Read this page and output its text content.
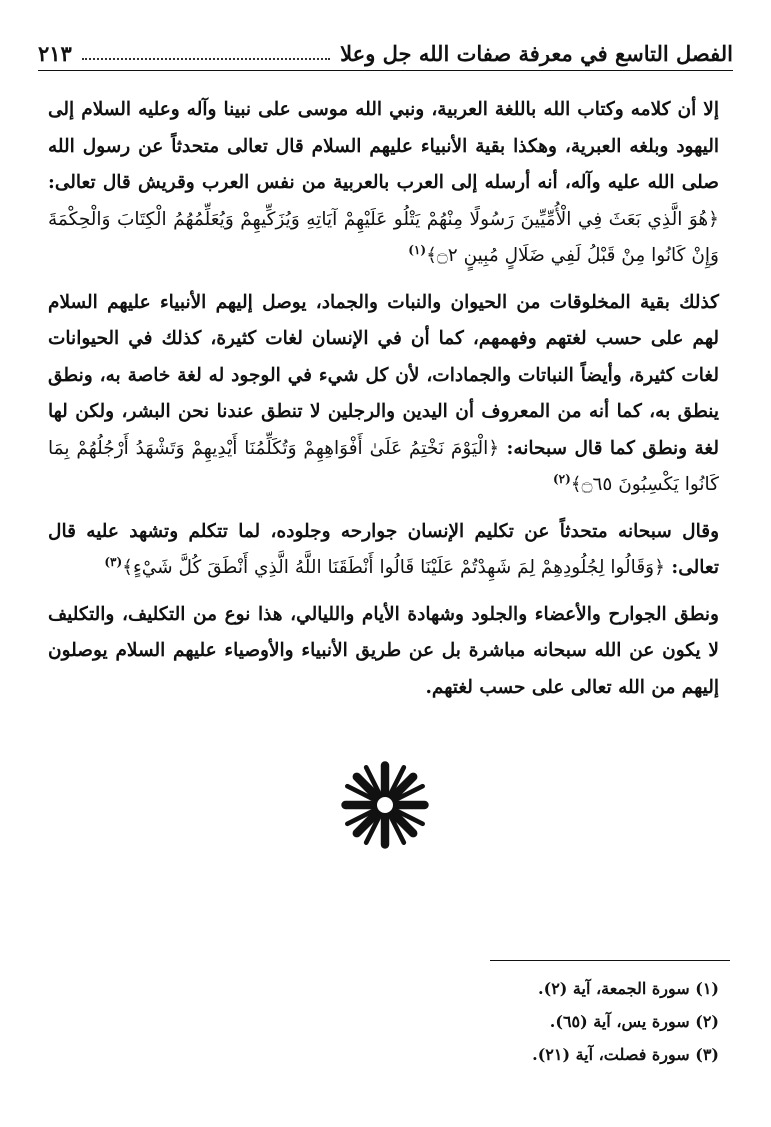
الفصل التاسع في معرفة صفات الله جل وعلا
٢١٣

إلا أن كلامه وكتاب الله باللغة العربية، ونبي الله موسى على نبينا وآله وعليه السلام إلى اليهود وبلغه العبرية، وهكذا بقية الأنبياء عليهم السلام قال تعالى متحدثاً عن رسول الله صلى الله عليه وآله، أنه أرسله إلى العرب بالعربية من نفس العرب وقريش قال تعالى: ﴿هُوَ الَّذِي بَعَثَ فِي الْأُمِّيِّينَ رَسُولًا مِنْهُمْ يَتْلُو عَلَيْهِمْ آيَاتِهِ وَيُزَكِّيهِمْ وَيُعَلِّمُهُمُ الْكِتَابَ وَالْحِكْمَةَ وَإِنْ كَانُوا مِنْ قَبْلُ لَفِي ضَلَالٍ مُبِينٍ ۝٢﴾$^{(١)}$

كذلك بقية المخلوقات من الحيوان والنبات والجماد، يوصل إليهم الأنبياء عليهم السلام لهم على حسب لغتهم وفهمهم، كما أن في الإنسان لغات كثيرة، كذلك في الحيوانات لغات كثيرة، وأيضاً النباتات والجمادات، لأن كل شيء في الوجود له لغة خاصة به، ونطق ينطق به، كما أنه من المعروف أن اليدين والرجلين لا تنطق عندنا نحن البشر، ولكن لها لغة ونطق كما قال سبحانه: ﴿الْيَوْمَ نَخْتِمُ عَلَىٰ أَفْوَاهِهِمْ وَتُكَلِّمُنَا أَيْدِيهِمْ وَتَشْهَدُ أَرْجُلُهُمْ بِمَا كَانُوا يَكْسِبُونَ ۝٦٥﴾$^{(٢)}$

وقال سبحانه متحدثاً عن تكليم الإنسان جوارحه وجلوده، لما تتكلم وتشهد عليه قال تعالى: ﴿وَقَالُوا لِجُلُودِهِمْ لِمَ شَهِدْتُمْ عَلَيْنَا قَالُوا أَنْطَقَنَا اللَّهُ الَّذِي أَنْطَقَ كُلَّ شَيْءٍ﴾$^{(٣)}$

ونطق الجوارح والأعضاء والجلود وشهادة الأيام والليالي، هذا نوع من التكليف، والتكليف لا يكون عن الله سبحانه مباشرة بل عن طريق الأنبياء والأوصياء عليهم السلام يوصلون إليهم من الله تعالى على حسب لغتهم.

(١) سورة الجمعة، آية (٢).
(٢) سورة يس، آية (٦٥).
(٣) سورة فصلت، آية (٢١).
